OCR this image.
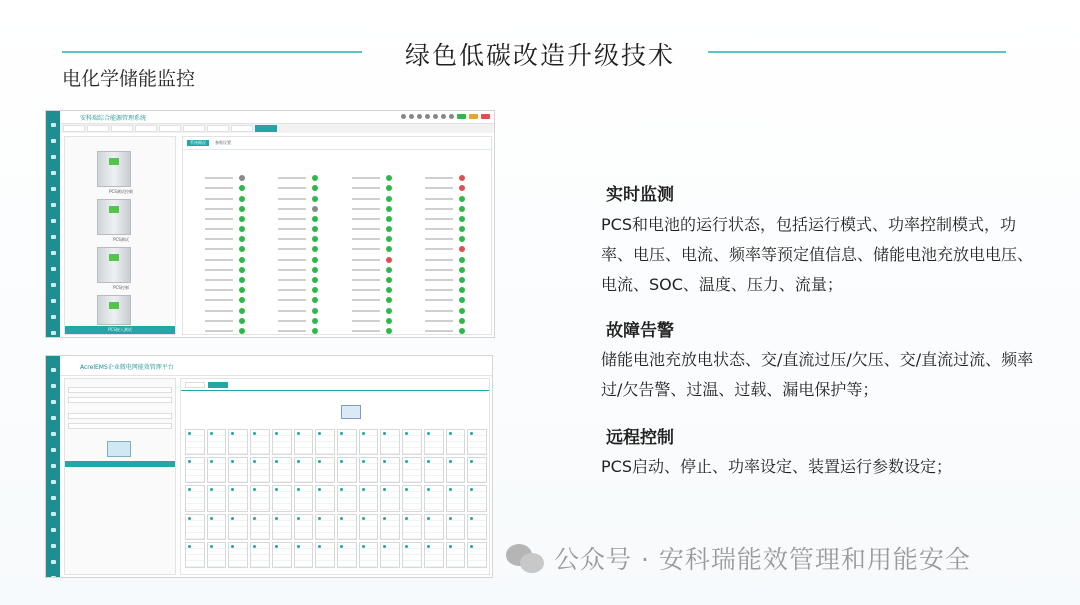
绿色低碳改造升级技术
电化学储能监控
安科瑞综合能源管理系统
PCS测试控制
PCS测试
PCS控制
PCS接入测试
系统概况	参数设置
AcrelEMS企业微电网能效管理平台
实时监测
PCS和电池的运行状态，包括运行模式、功率控制模式，功率、电压、电流、频率等预定值信息、储能电池充放电电压、电流、SOC、温度、压力、流量；
故障告警
储能电池充放电状态、交/直流过压/欠压、交/直流过流、频率过/欠告警、过温、过载、漏电保护等；
远程控制
PCS启动、停止、功率设定、装置运行参数设定；
公众号 · 安科瑞能效管理和用能安全
